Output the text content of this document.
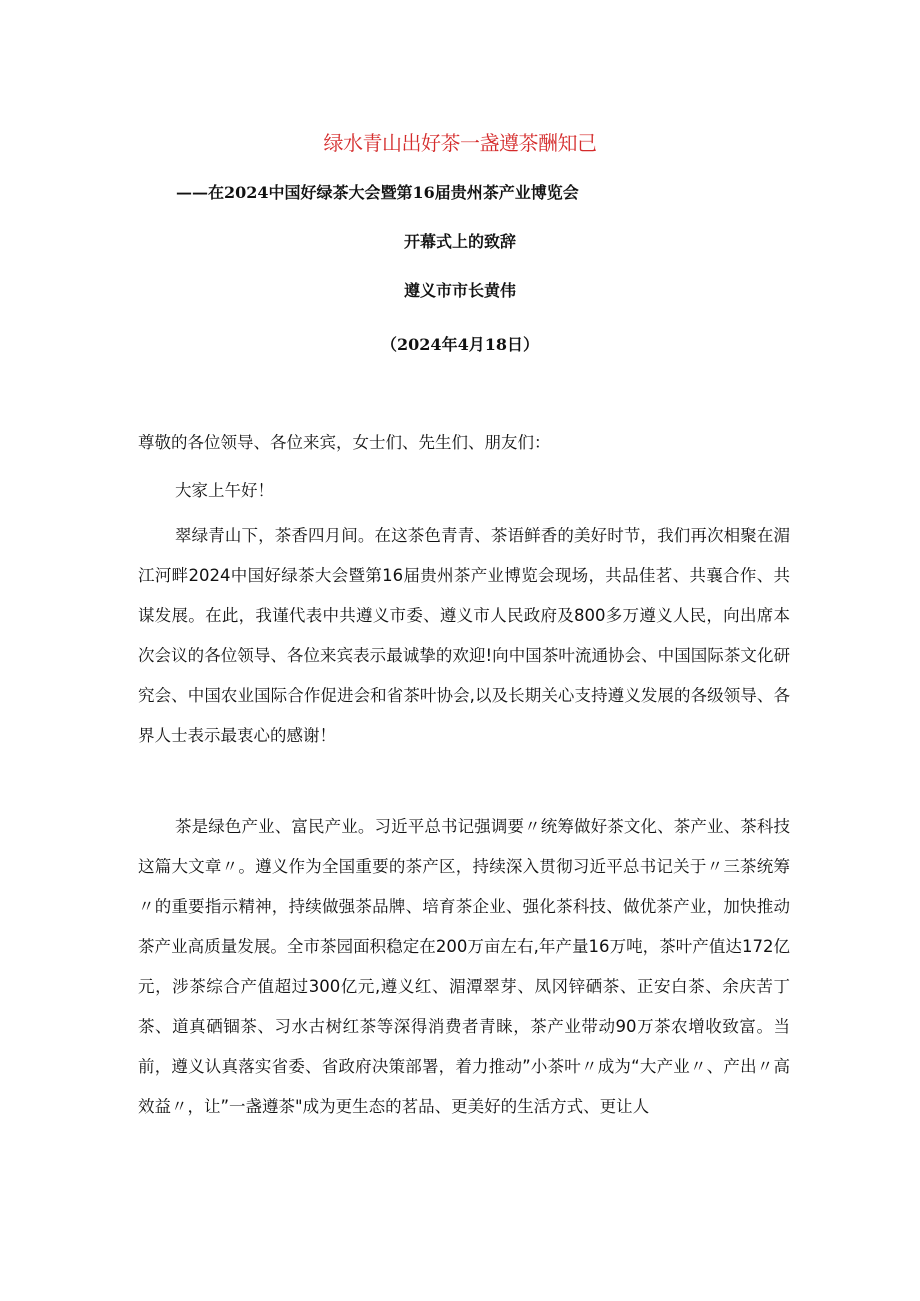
绿水青山出好茶一盏遵茶酬知己
——在2024中国好绿茶大会暨第16届贵州茶产业博览会
开幕式上的致辞
遵义市市长黄伟
（2024年4月18日）
尊敬的各位领导、各位来宾，女士们、先生们、朋友们：
大家上午好！
翠绿青山下，茶香四月间。在这茶色青青、茶语鲜香的美好时节，我们再次相聚在湄江河畔2024中国好绿茶大会暨第16届贵州茶产业博览会现场，共品佳茗、共襄合作、共谋发展。在此，我谨代表中共遵义市委、遵义市人民政府及800多万遵义人民，向出席本次会议的各位领导、各位来宾表示最诚挚的欢迎!向中国茶叶流通协会、中国国际茶文化研究会、中国农业国际合作促进会和省茶叶协会,以及长期关心支持遵义发展的各级领导、各界人士表示最衷心的感谢！
茶是绿色产业、富民产业。习近平总书记强调要〃统筹做好茶文化、茶产业、茶科技这篇大文章〃。遵义作为全国重要的茶产区，持续深入贯彻习近平总书记关于〃三茶统筹〃的重要指示精神，持续做强茶品牌、培育茶企业、强化茶科技、做优茶产业，加快推动茶产业高质量发展。全市茶园面积稳定在200万亩左右,年产量16万吨，茶叶产值达172亿元，涉茶综合产值超过300亿元,遵义红、湄潭翠芽、凤冈锌硒茶、正安白茶、余庆苦丁茶、道真硒锢茶、习水古树红茶等深得消费者青睐，茶产业带动90万茶农增收致富。当前，遵义认真落实省委、省政府决策部署，着力推动”小茶叶〃成为“大产业〃、产出〃高效益〃，让”一盏遵茶"成为更生态的茗品、更美好的生活方式、更让人
